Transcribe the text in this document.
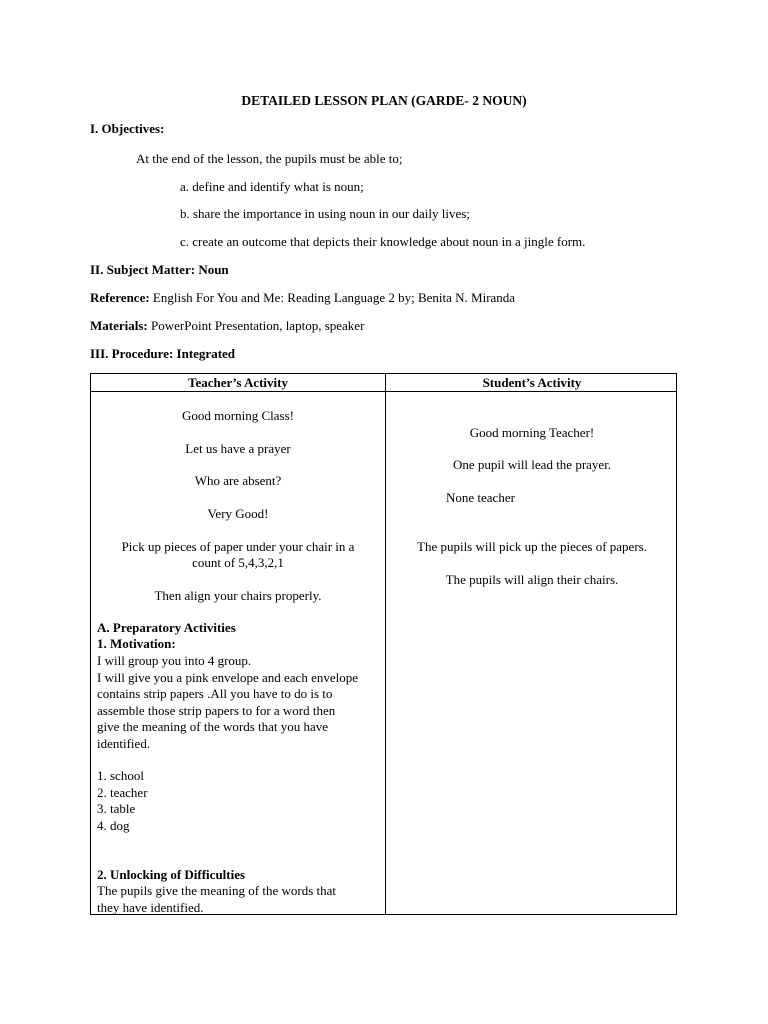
DETAILED LESSON PLAN (GARDE- 2 NOUN)
I. Objectives:
At the end of the lesson, the pupils must be able to;
a. define and identify what is noun;
b. share the importance in using noun in our daily lives;
c. create an outcome that depicts their knowledge about noun in a jingle form.
II. Subject Matter: Noun
Reference: English For You and Me: Reading Language 2 by; Benita N. Miranda
Materials: PowerPoint Presentation, laptop, speaker
III. Procedure: Integrated
Teacher’s Activity	Student’s Activity
Good morning Class!
Let us have a prayer
Who are absent?
Very Good!
Pick up pieces of paper under your chair in a
count of 5,4,3,2,1
Then align your chairs properly.
A. Preparatory Activities
1. Motivation:
I will group you into 4 group.
I will give you a pink envelope and each envelope
contains strip papers .All you have to do is to
assemble those strip papers to for a word then
give the meaning of the words that you have
identified.
1. school
2. teacher
3. table
4. dog
2. Unlocking of Difficulties
The pupils give the meaning of the words that
they have identified.
Good morning Teacher!
One pupil will lead the prayer.
None teacher
The pupils will pick up the pieces of papers.
The pupils will align their chairs.
